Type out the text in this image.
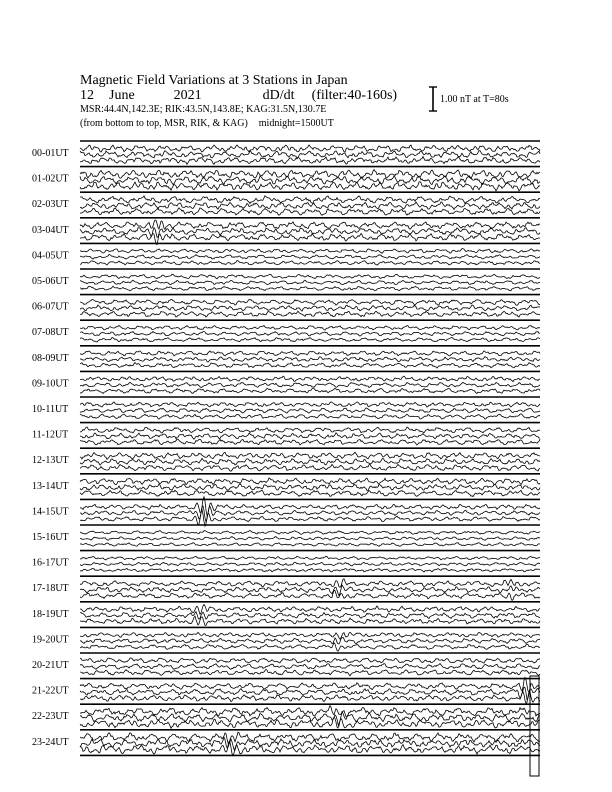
Magnetic Field Variations at 3 Stations in Japan
12 June	2021	dD/dt (filter:40-160s)
MSR:44.4N,142.3E; RIK:43.5N,143.8E; KAG:31.5N,130.7E
(from bottom to top, MSR, RIK, & KAG) midnight=1500UT
1.00 nT at T=80s
00-01UT
01-02UT
02-03UT
03-04UT
04-05UT
05-06UT
06-07UT
07-08UT
08-09UT
09-10UT
10-11UT
11-12UT
12-13UT
13-14UT
14-15UT
15-16UT
16-17UT
17-18UT
18-19UT
19-20UT
20-21UT
21-22UT
22-23UT
23-24UT
